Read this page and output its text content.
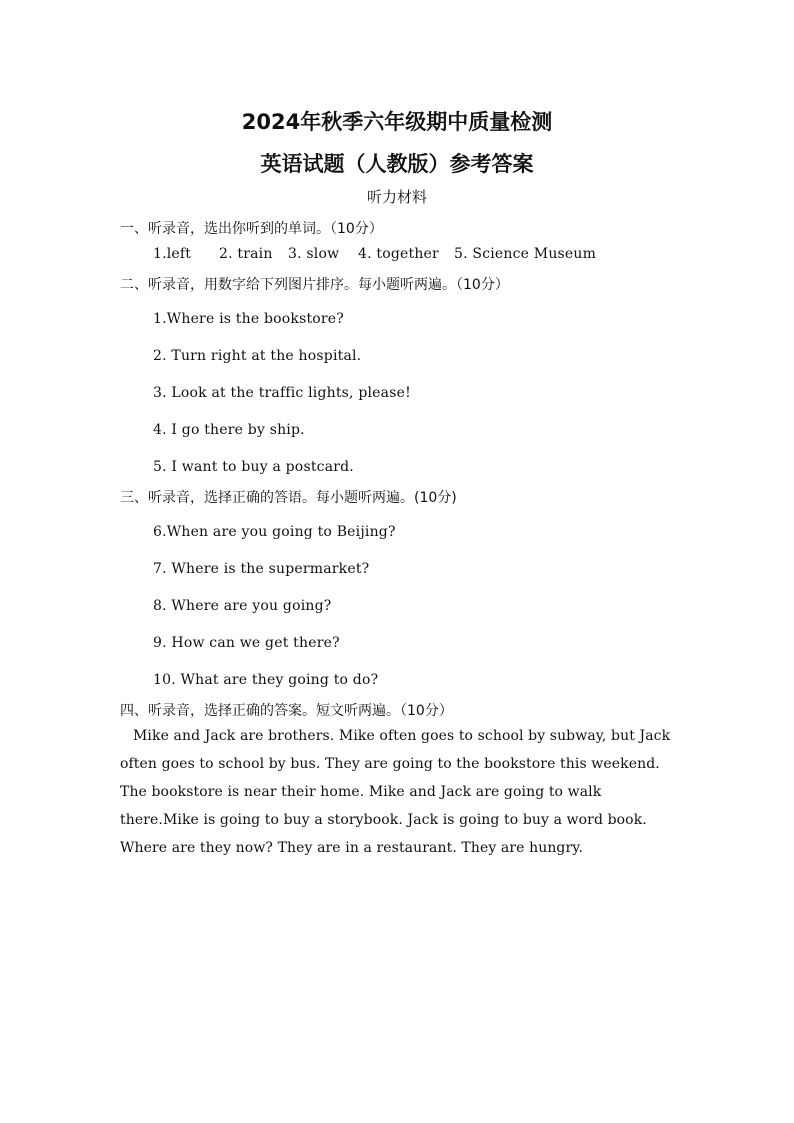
2024年秋季六年级期中质量检测
英语试题（人教版）参考答案
听力材料
一、听录音，选出你听到的单词。（10分）
1.left 2. train 3. slow 4. together 5. Science Museum
二、听录音，用数字给下列图片排序。每小题听两遍。（10分）
1.Where is the bookstore?
2. Turn right at the hospital.
3. Look at the traffic lights, please!
4. I go there by ship.
5. I want to buy a postcard.
三、听录音，选择正确的答语。每小题听两遍。(10分)
6.When are you going to Beijing?
7. Where is the supermarket?
8. Where are you going?
9. How can we get there?
10. What are they going to do?
四、听录音，选择正确的答案。短文听两遍。（10分）
Mike and Jack are brothers. Mike often goes to school by subway, but Jack
often goes to school by bus. They are going to the bookstore this weekend.
The bookstore is near their home. Mike and Jack are going to walk
there.Mike is going to buy a storybook. Jack is going to buy a word book.
Where are they now? They are in a restaurant. They are hungry.
